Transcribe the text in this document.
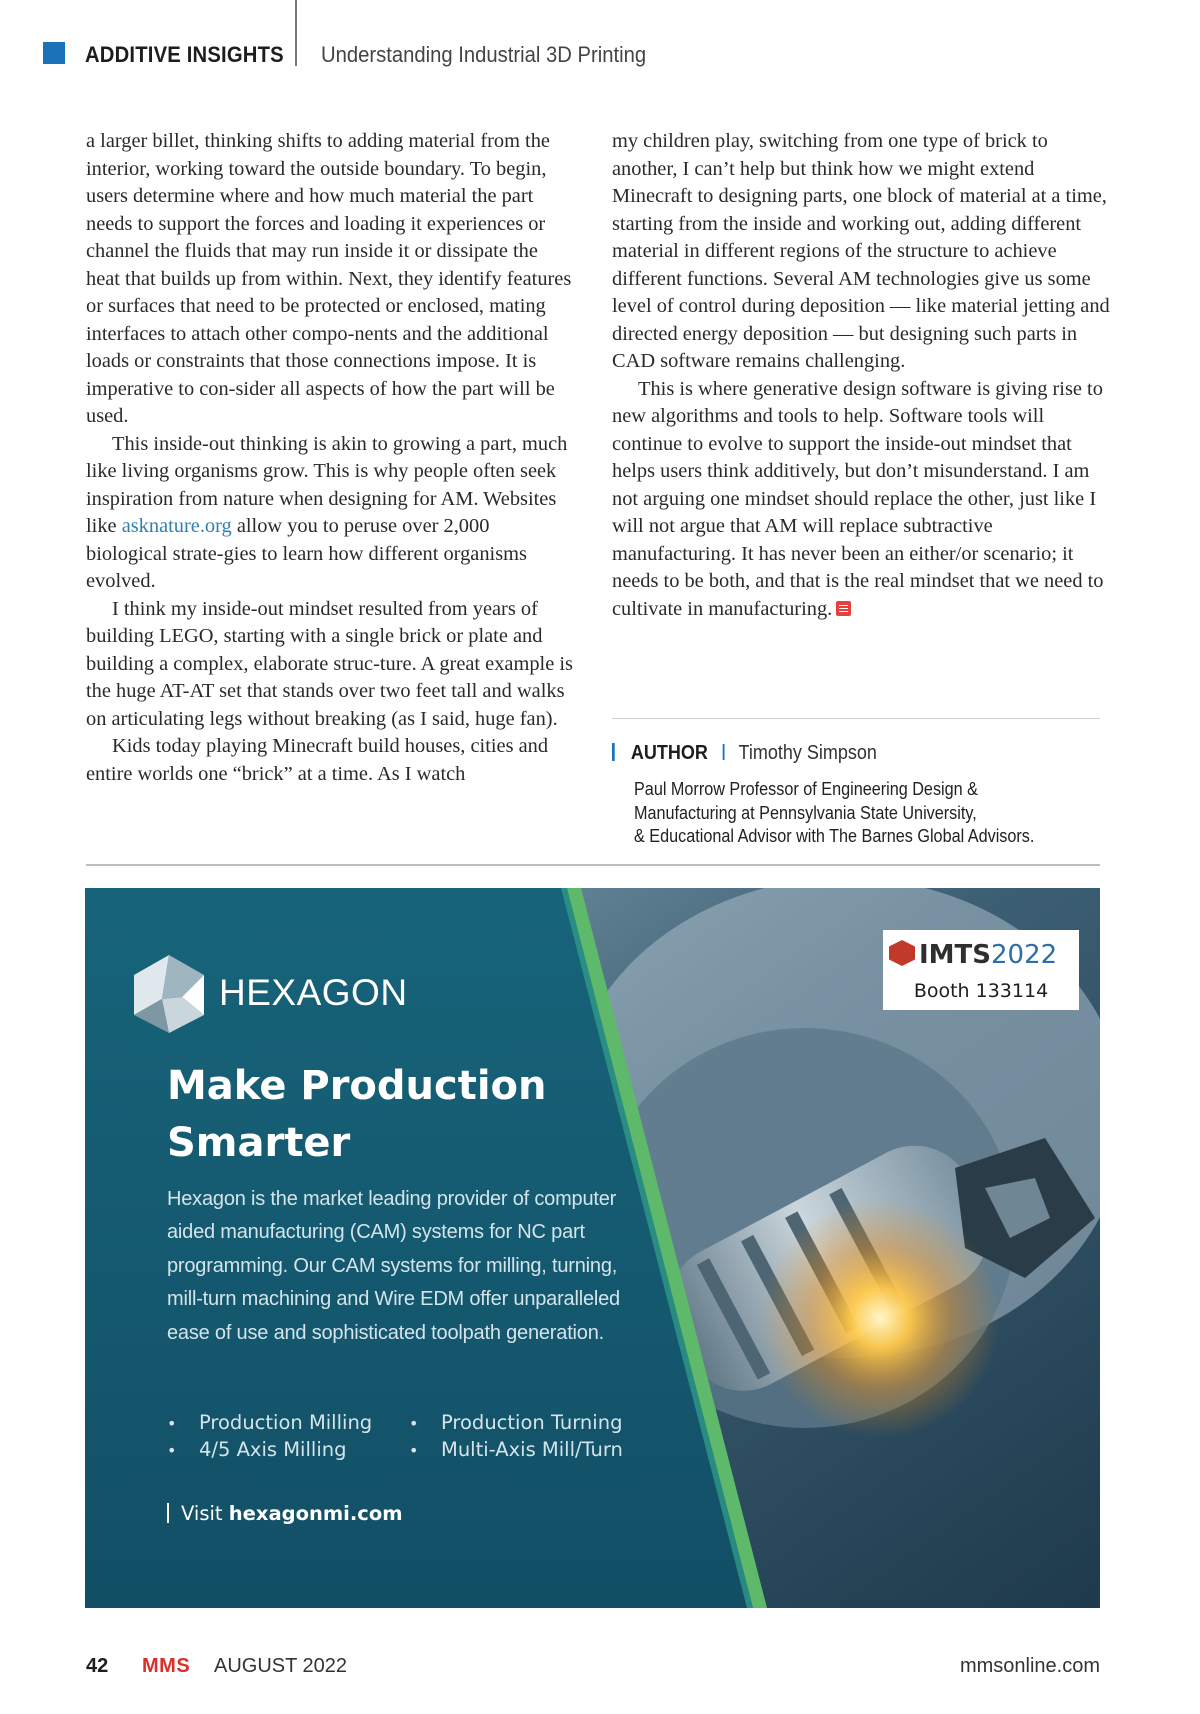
ADDITIVE INSIGHTS Understanding Industrial 3D Printing

a larger billet, thinking shifts to adding material from the interior, working toward the outside boundary. To begin, users determine where and how much material the part needs to support the forces and loading it experiences or channel the fluids that may run inside it or dissipate the heat that builds up from within. Next, they identify features or surfaces that need to be protected or enclosed, mating interfaces to attach other compo-nents and the additional loads or constraints that those connections impose. It is imperative to con-sider all aspects of how the part will be used.

This inside-out thinking is akin to growing a part, much like living organisms grow. This is why people often seek inspiration from nature when designing for AM. Websites like asknature.org allow you to peruse over 2,000 biological strate-gies to learn how different organisms evolved.

I think my inside-out mindset resulted from years of building LEGO, starting with a single brick or plate and building a complex, elaborate struc-ture. A great example is the huge AT-AT set that stands over two feet tall and walks on articulating legs without breaking (as I said, huge fan).

Kids today playing Minecraft build houses, cities and entire worlds one “brick” at a time. As I watch

my children play, switching from one type of brick to another, I can’t help but think how we might extend Minecraft to designing parts, one block of material at a time, starting from the inside and working out, adding different material in different regions of the structure to achieve different functions. Several AM technologies give us some level of control during deposition — like material jetting and directed energy deposition — but designing such parts in CAD software remains challenging.

This is where generative design software is giving rise to new algorithms and tools to help. Software tools will continue to evolve to support the inside-out mindset that helps users think additively, but don’t misunderstand. I am not arguing one mindset should replace the other, just like I will not argue that AM will replace subtractive manufacturing. It has never been an either/or scenario; it needs to be both, and that is the real mindset that we need to cultivate in manufacturing.

AUTHOR Timothy Simpson
Paul Morrow Professor of Engineering Design &
Manufacturing at Pennsylvania State University,
& Educational Advisor with The Barnes Global Advisors.
HEXAGON
Make Production
Smarter
Hexagon is the market leading provider of computer aided manufacturing (CAM) systems for NC part programming. Our CAM systems for milling, turning, mill-turn machining and Wire EDM offer unparalleled ease of use and sophisticated toolpath generation.
• Production Milling
• 4/5 Axis Milling
• Production Turning
• Multi-Axis Mill/Turn
Visit hexagonmi.com
IMTS2022
Booth 133114
42 MMS AUGUST 2022	mmsonline.com
